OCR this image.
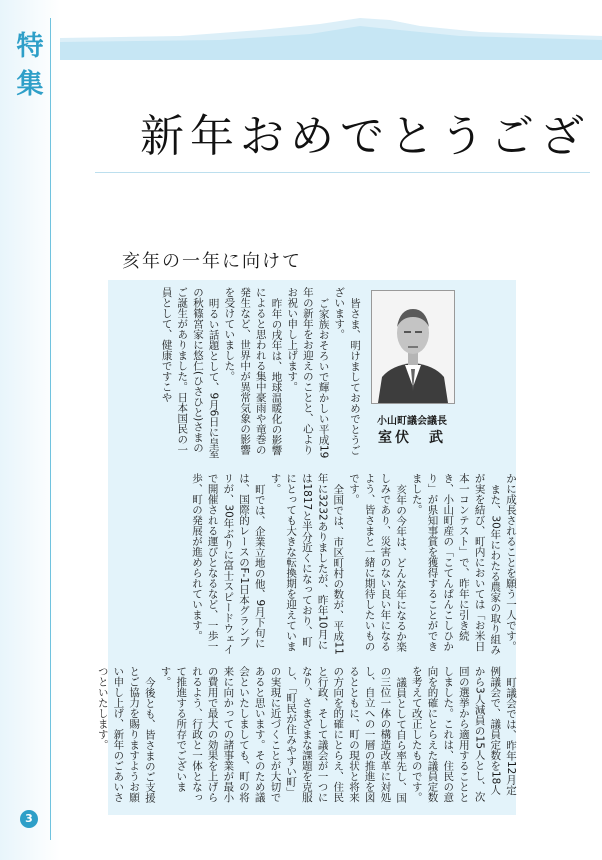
特
集
新年おめでとうござ
亥年の一年に向けて
小山町議会議長
室伏　武

皆さま、明けましておめでとうございます。

ご家族おそろいで輝かしい平成19年の新年をお迎えのことと、心よりお祝い申し上げます。

昨年の戌年は、地球温暖化の影響によると思われる集中豪雨や竜巻の発生など、世界中が異常気象の影響を受けていました。

明るい話題として、9月6日に皇室の秋篠宮家に悠仁(ひさひと)さまのご誕生がありました。日本国民の一員として、健康ですこや

かに成長されることを願う一人です。

また、30年にわたる農家の取り組みが実を結び、町内においては「お米日本一コンテスト」で、昨年に引き続き、小山町産の「こてんぱんこしひかり」が県知事賞を獲得することができました。

亥年の今年は、どんな年になるか楽しみであり、災害のない良い年になるよう、皆さまと一緒に期待したいものです。

全国では、市区町村の数が、平成11年に3232ありましたが、昨年10月には1817と半分近くになっており、町にとっても大きな転換期を迎えています。

町では、企業立地の他、9月下旬には、国際的レースのF-1日本グランプリが、30年ぶりに富士スピードウェイで開催される運びとなるなど、一歩一歩、町の発展が進められています。

町議会では、昨年12月定例議会で、議員定数を18人から3人減員の15人とし、次回の選挙から適用することとしました。これは、住民の意向を的確にとらえた議員定数を考えて改正したものです。

議員として自ら率先し、国の三位一体の構造改革に対処し、自立への一層の推進を図るとともに、町の現状と将来の方向を的確にとらえ、住民と行政、そして議会が一つになり、さまざまな課題を克服し、「町民が住みやすい町」の実現に近づくことが大切であると思います。そのため議会といたしましても、町の将来に向かっての諸事業が最小の費用で最大の効果を上げられるよう、行政と一体となって推進する所存でございます。

今後とも、皆さまのご支援とご協力を賜りますようお願い申し上げ、新年のごあいさつといたします。

3
